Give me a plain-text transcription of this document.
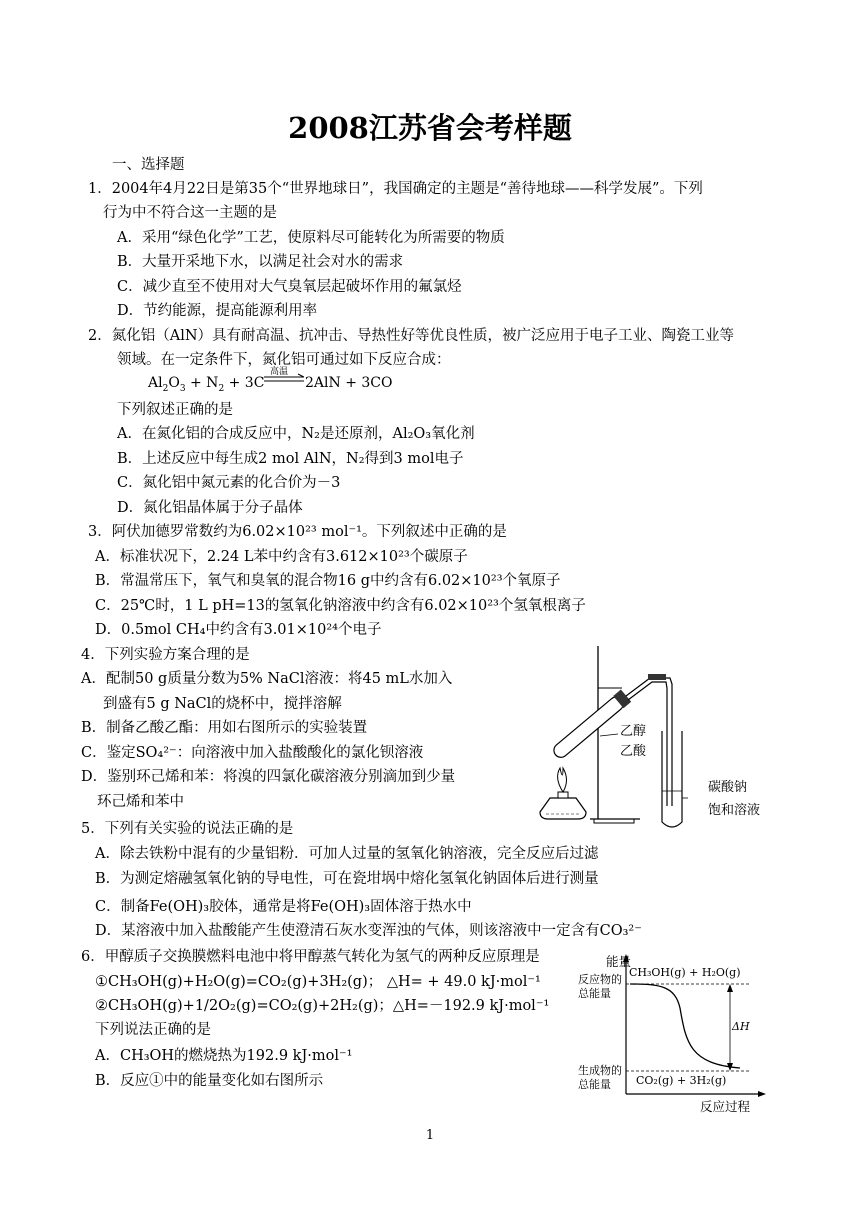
2008江苏省会考样题
一、选择题
1．2004年4月22日是第35个“世界地球日”，我国确定的主题是“善待地球——科学发展”。下列
行为中不符合这一主题的是
A．采用“绿色化学”工艺，使原料尽可能转化为所需要的物质
B．大量开采地下水，以满足社会对水的需求
C．减少直至不使用对大气臭氧层起破坏作用的氟氯烃
D．节约能源，提高能源利用率
2．氮化铝（AlN）具有耐高温、抗冲击、导热性好等优良性质，被广泛应用于电子工业、陶瓷工业等
领域。在一定条件下，氮化铝可通过如下反应合成：
$Al_2O_3 + N_2 + 3C$
高温
2AlN + 3CO
下列叙述正确的是
A．在氮化铝的合成反应中，N₂是还原剂，Al₂O₃氧化剂
B．上述反应中每生成2 mol AlN，N₂得到3 mol电子
C．氮化铝中氮元素的化合价为－3
D．氮化铝晶体属于分子晶体
3．阿伏加德罗常数约为6.02×10²³ mol⁻¹。下列叙述中正确的是
A．标准状况下，2.24 L苯中约含有3.612×10²³个碳原子
B．常温常压下，氧气和臭氧的混合物16 g中约含有6.02×10²³个氧原子
C．25℃时，1 L pH=13的氢氧化钠溶液中约含有6.02×10²³个氢氧根离子
D．0.5mol CH₄中约含有3.01×10²⁴个电子
4．下列实验方案合理的是
A．配制50 g质量分数为5% NaCl溶液：将45 mL水加入
到盛有5 g NaCl的烧杯中，搅拌溶解
B．制备乙酸乙酯：用如右图所示的实验装置
C．鉴定SO₄²⁻：向溶液中加入盐酸酸化的氯化钡溶液
D．鉴别环己烯和苯：将溴的四氯化碳溶液分别滴加到少量
环己烯和苯中
乙醇
乙酸
碳酸钠
饱和溶液
5．下列有关实验的说法正确的是
A．除去铁粉中混有的少量铝粉．可加人过量的氢氧化钠溶液，完全反应后过滤
B．为测定熔融氢氧化钠的导电性，可在瓷坩埚中熔化氢氧化钠固体后进行测量
C．制备Fe(OH)₃胶体，通常是将Fe(OH)₃固体溶于热水中
D．某溶液中加入盐酸能产生使澄清石灰水变浑浊的气体，则该溶液中一定含有CO₃²⁻
6．甲醇质子交换膜燃料电池中将甲醇蒸气转化为氢气的两种反应原理是
①CH₃OH(g)+H₂O(g)=CO₂(g)+3H₂(g)； △H= + 49.0 kJ·mol⁻¹
②CH₃OH(g)+1/2O₂(g)=CO₂(g)+2H₂(g)；△H=－192.9 kJ·mol⁻¹
下列说法正确的是
A．CH₃OH的燃烧热为192.9 kJ·mol⁻¹
B．反应①中的能量变化如右图所示
能量
反应物的
总能量
CH₃OH(g) + H₂O(g)
ΔH
生成物的
总能量 CO₂(g) + 3H₂(g)
反应过程
1
